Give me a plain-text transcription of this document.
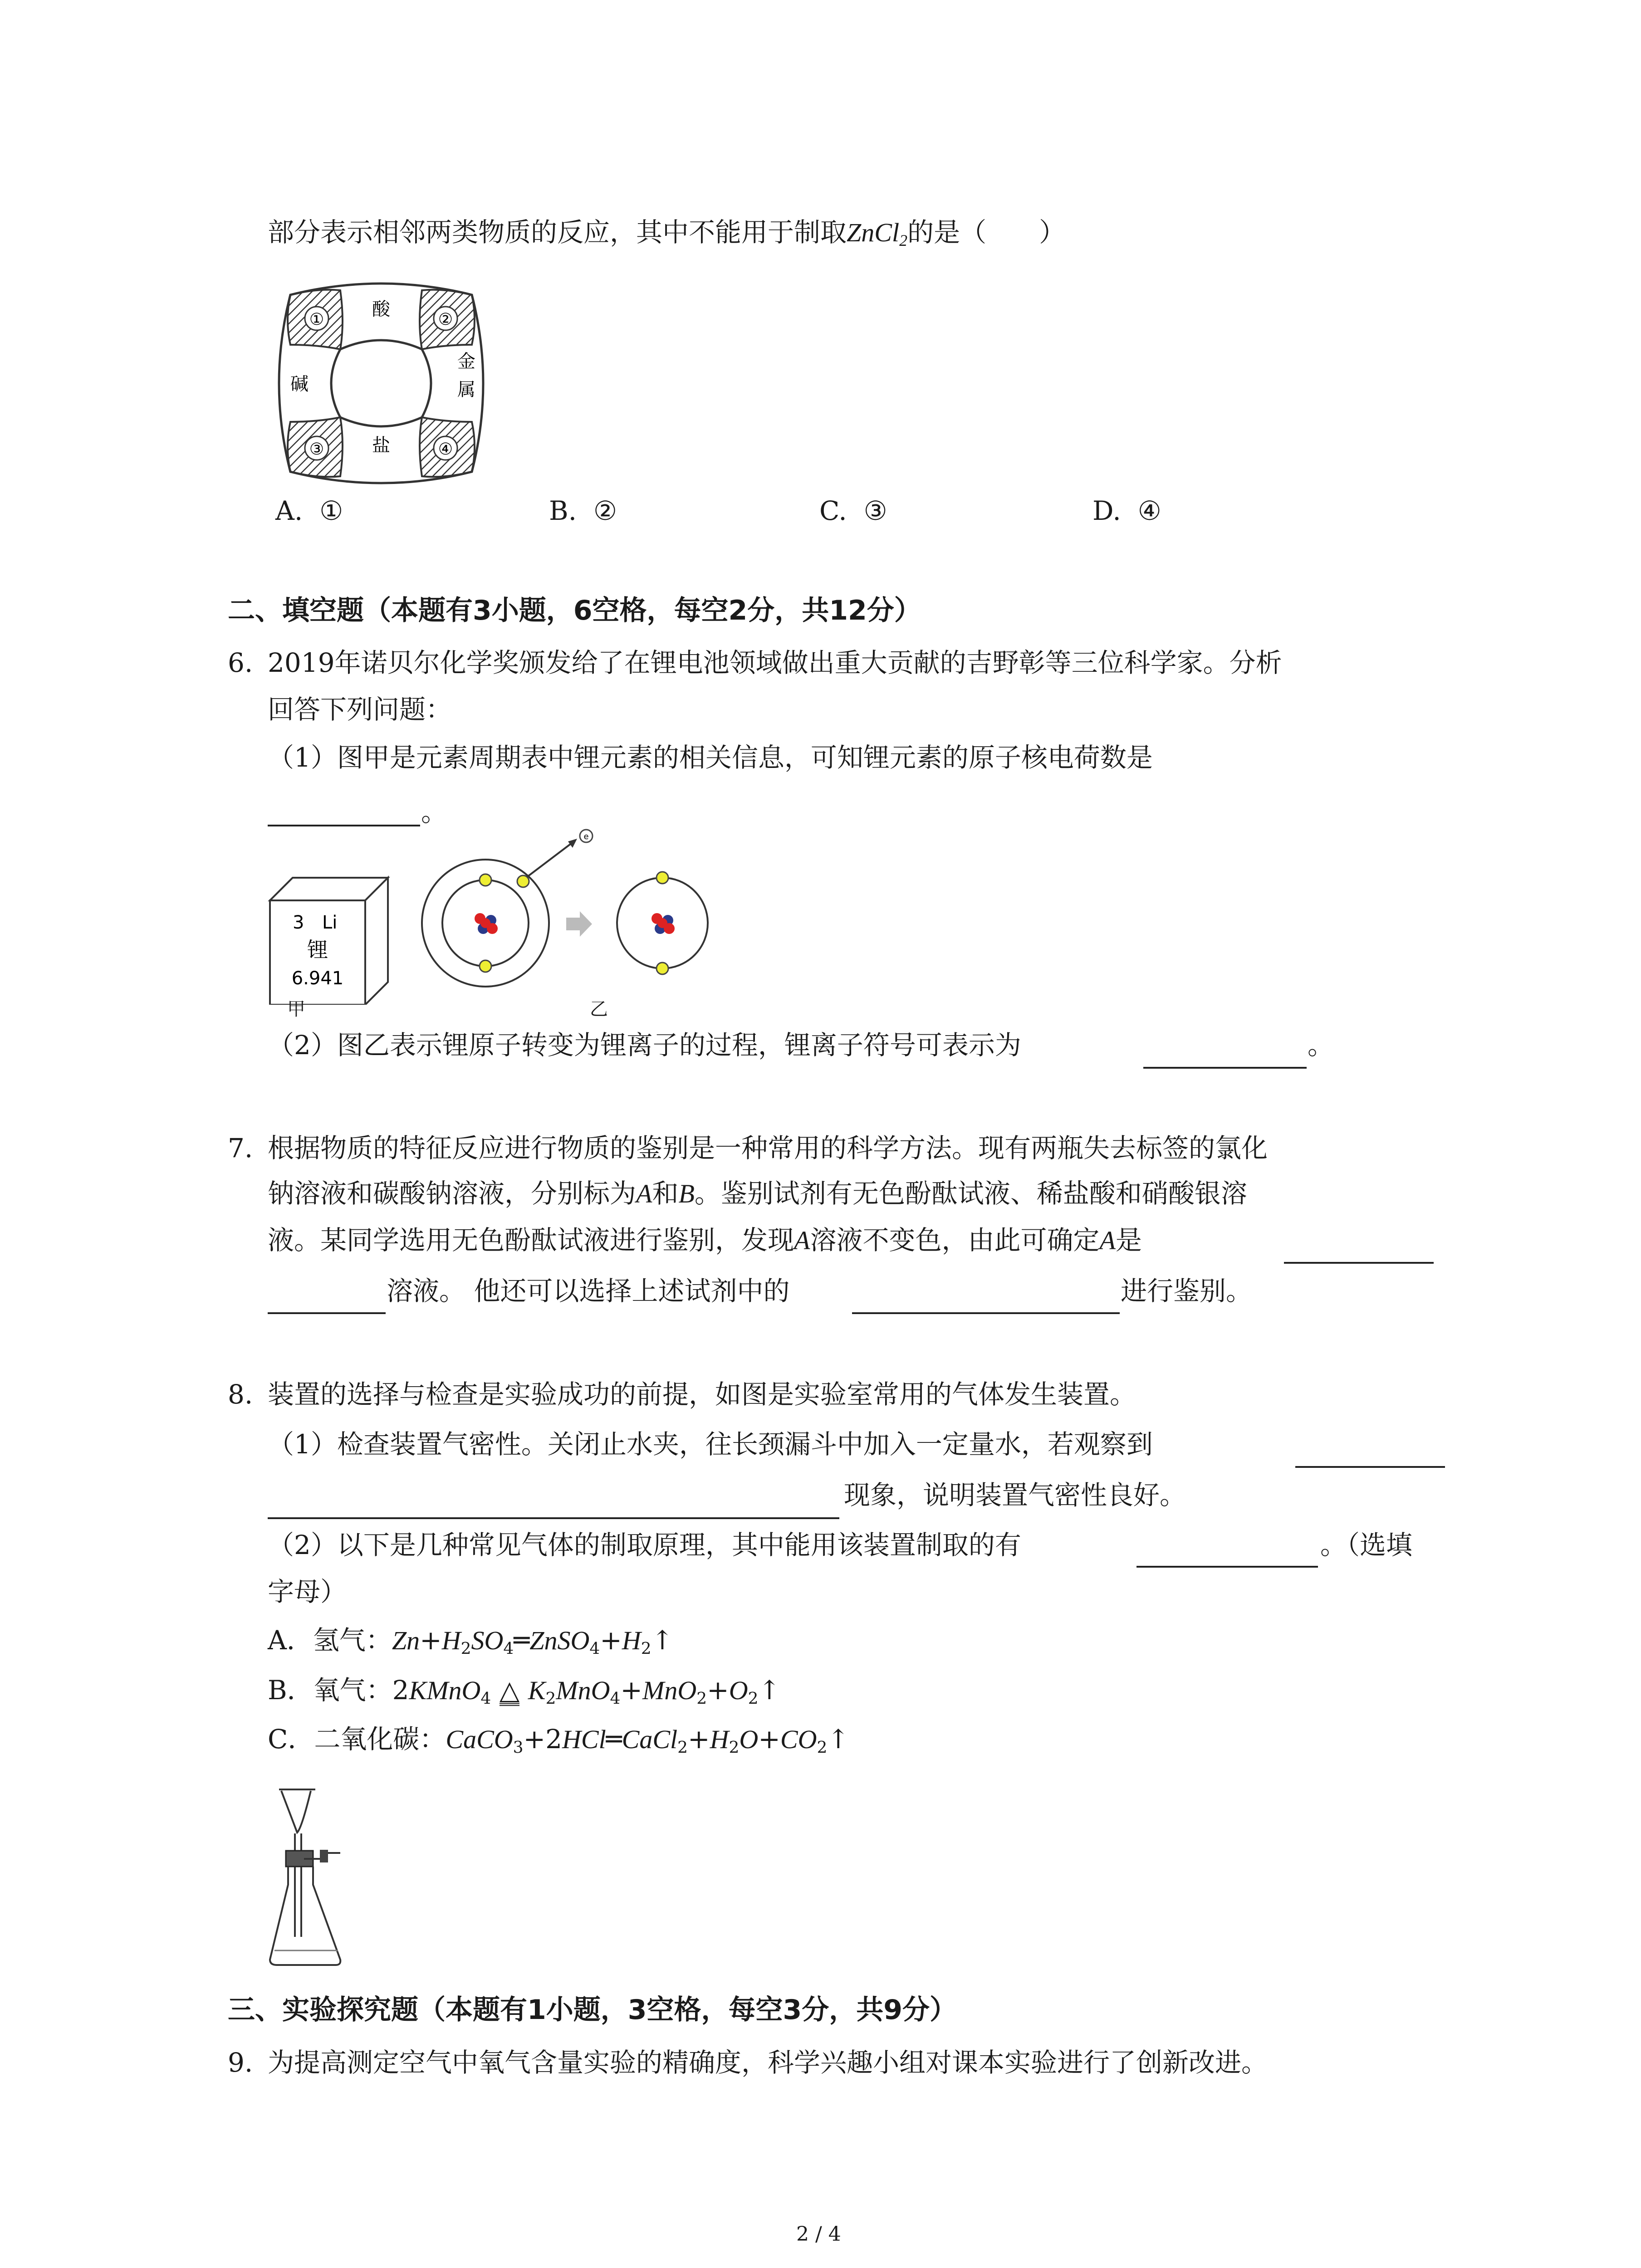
部分表示相邻两类物质的反应，其中不能用于制取ZnCl$_2$的是（　　）
①	②
③	④
酸
盐
碱
金属
A. ①	B. ②	C. ③	D. ④
二、填空题（本题有3小题，6空格，每空2分，共12分）
6. 2019年诺贝尔化学奖颁发给了在锂电池领域做出重大贡献的吉野彰等三位科学家。分析
回答下列问题：
（1）图甲是元素周期表中锂元素的相关信息，可知锂元素的原子核电荷数是
。
3 Li
锂
6.941
甲
e
乙
（2）图乙表示锂原子转变为锂离子的过程，锂离子符号可表示为	。
7. 根据物质的特征反应进行物质的鉴别是一种常用的科学方法。现有两瓶失去标签的氯化
钠溶液和碳酸钠溶液，分别标为A和B。鉴别试剂有无色酚酞试液、稀盐酸和硝酸银溶
液。某同学选用无色酚酞试液进行鉴别，发现A溶液不变色，由此可确定A是
溶液。 他还可以选择上述试剂中的	进行鉴别。
8. 装置的选择与检查是实验成功的前提，如图是实验室常用的气体发生装置。
（1）检查装置气密性。关闭止水夹，往长颈漏斗中加入一定量水，若观察到
现象，说明装置气密性良好。
（2）以下是几种常见气体的制取原理，其中能用该装置制取的有	。（选填
字母）
A．氢气：$Zn+H_2SO_4═ZnSO_4+H_2↑$
B．氧气：2KMnO$_4$ △ $K_2MnO_4+MnO_2+O_2↑$
C．二氧化碳：$CaCO_3+2HCl═CaCl_2+H_2O+CO_2↑$
三、实验探究题（本题有1小题，3空格，每空3分，共9分）
9. 为提高测定空气中氧气含量实验的精确度，科学兴趣小组对课本实验进行了创新改进。
2 / 4
